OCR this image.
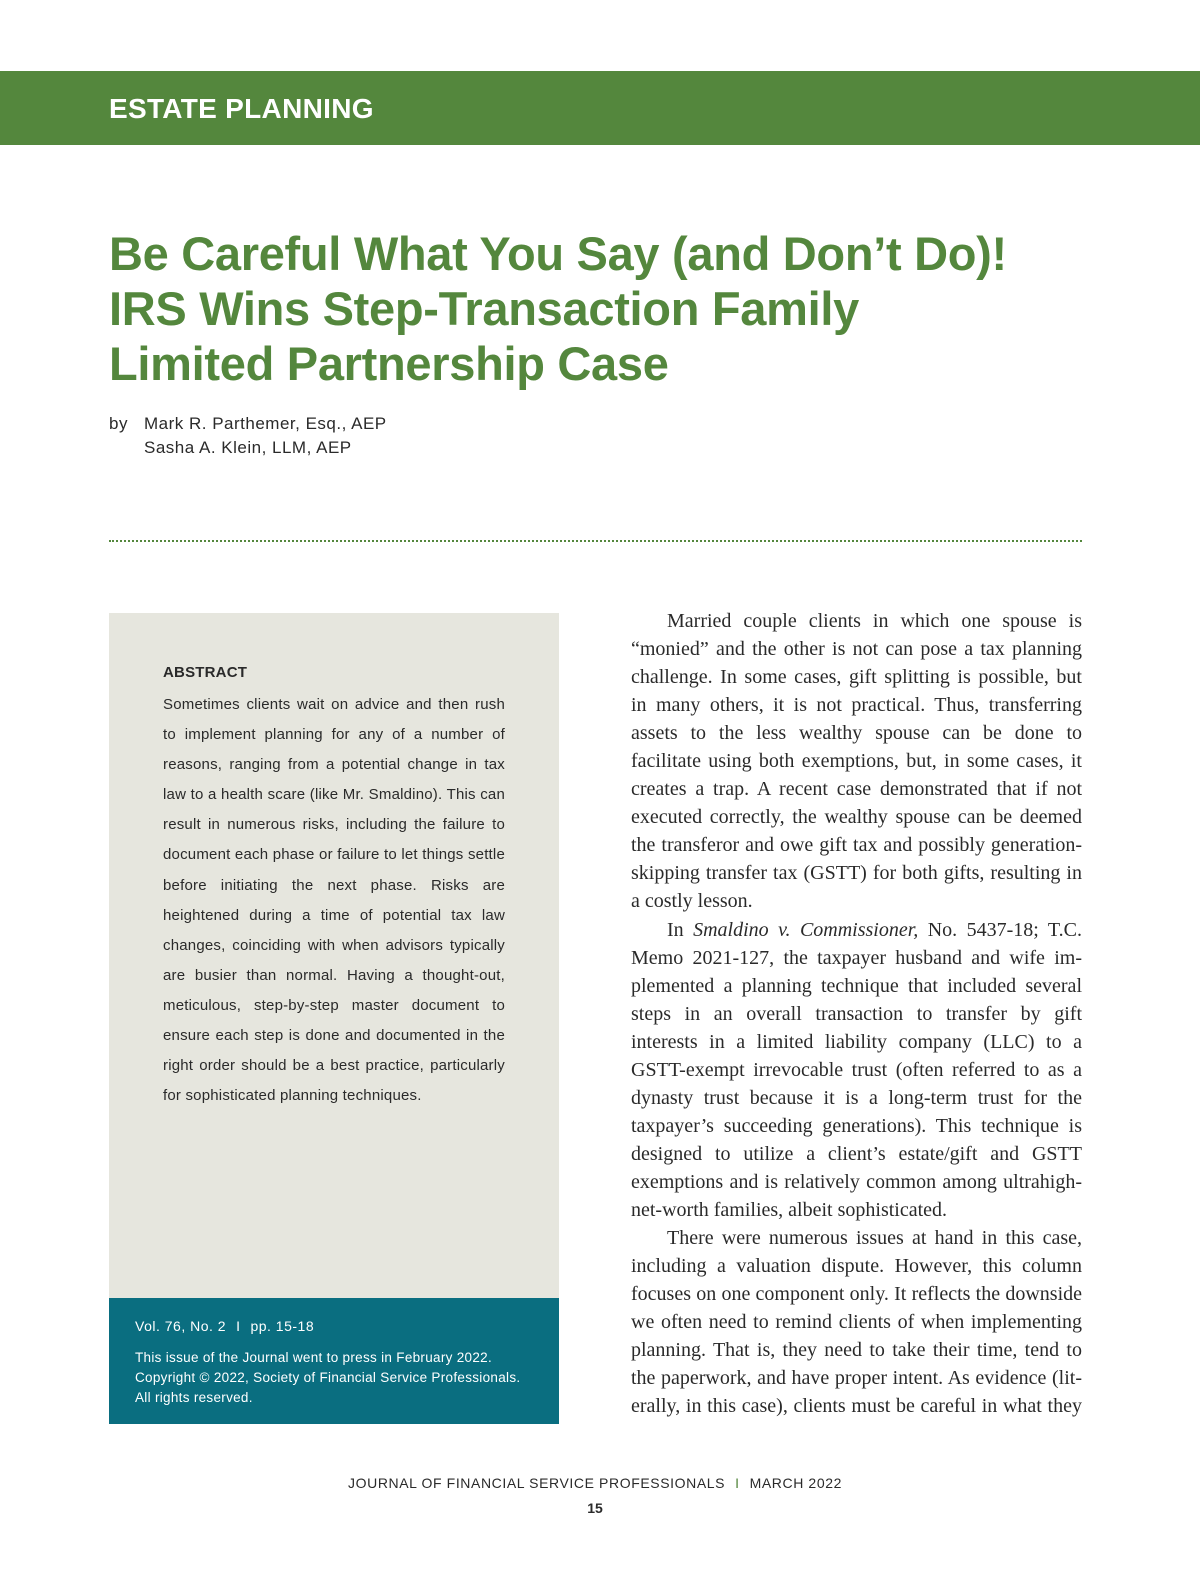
ESTATE PLANNING
Be Careful What You Say (and Don’t Do)!
IRS Wins Step-Transaction Family
Limited Partnership Case
by Mark R. Parthemer, Esq., AEP
Sasha A. Klein, LLM, AEP
ABSTRACT

Sometimes clients wait on advice and then rush to implement planning for any of a number of reasons, ranging from a potential change in tax law to a health scare (like Mr. Smaldino). This can result in numerous risks, including the failure to document each phase or failure to let things settle before initiating the next phase. Risks are heightened during a time of potential tax law changes, coinciding with when advisors typically are busier than normal. Having a thought-out, meticulous, step-by-step master document to ensure each step is done and documented in the right order should be a best practice, particularly for sophisticated planning techniques.

Vol. 76, No. 2 I pp. 15-18
This issue of the Journal went to press in February 2022.
Copyright © 2022, Society of Financial Service Professionals.
All rights reserved.

Married couple clients in which one spouse is “monied” and the other is not can pose a tax planning challenge. In some cases, gift splitting is possible, but in many others, it is not practical. Thus, transferring assets to the less wealthy spouse can be done to facilitate using both exemptions, but, in some cases, it creates a trap. A recent case demonstrated that if not executed correctly, the wealthy spouse can be deemed the transferor and owe gift tax and possibly generation-skipping transfer tax (GSTT) for both gifts, resulting in a costly lesson.

In Smaldino v. Commissioner, No. 5437-18; T.C. Memo 2021-127, the taxpayer husband and wife implemented a planning technique that included several steps in an overall transaction to transfer by gift interests in a limited liability company (LLC) to a GSTT-exempt irrevocable trust (often referred to as a dynasty trust because it is a long-term trust for the taxpayer’s succeeding generations). This technique is designed to utilize a client’s estate/gift and GSTT exemptions and is relatively common among ultrahigh-net-worth families, albeit sophisticated.

There were numerous issues at hand in this case, including a valuation dispute. However, this column focuses on one component only. It reflects the downside we often need to remind clients of when implementing planning. That is, they need to take their time, tend to the paperwork, and have proper intent. As evidence (literally, in this case), clients must be careful in what they

JOURNAL OF FINANCIAL SERVICE PROFESSIONALS I MARCH 2022
15
